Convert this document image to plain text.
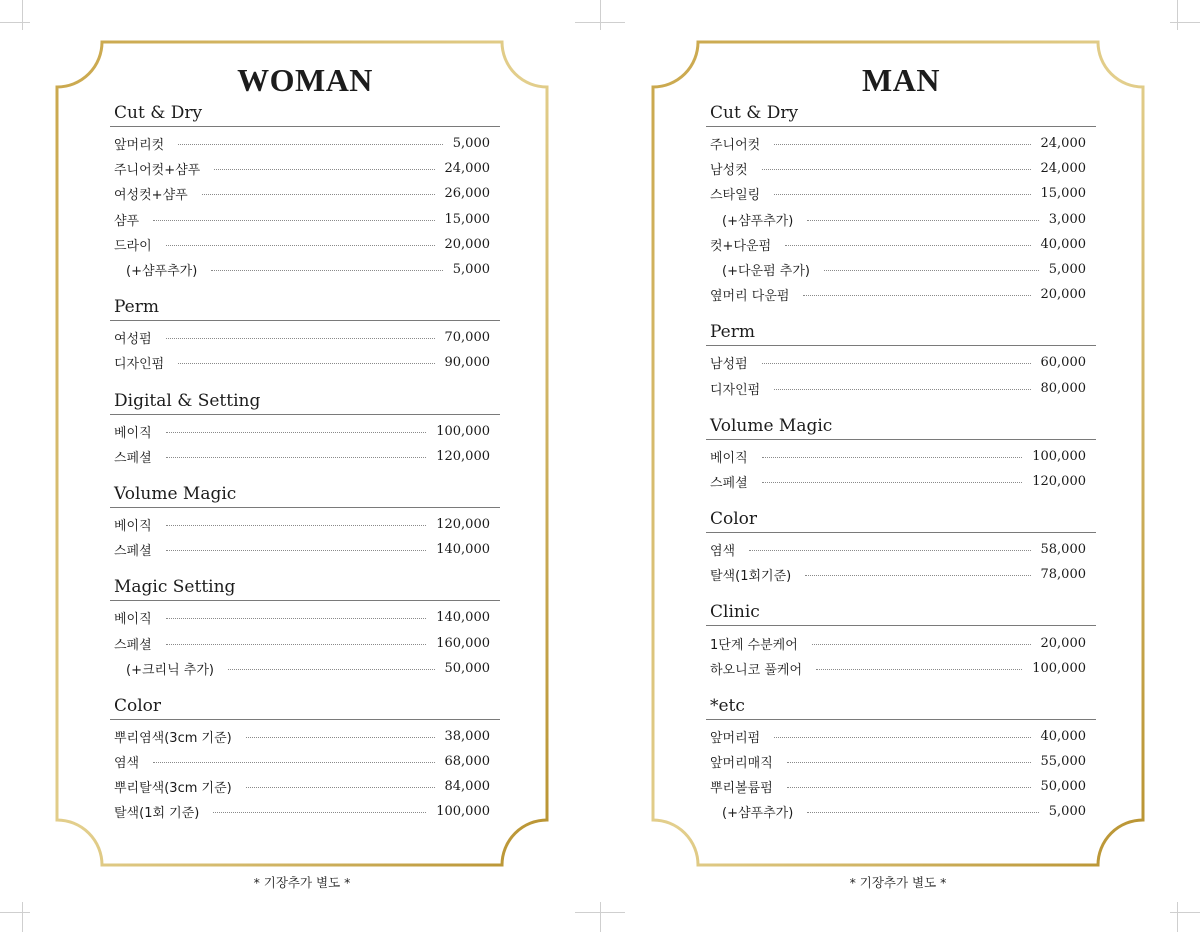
WOMAN
Cut & Dry
앞머리컷	5,000
주니어컷+샴푸	24,000
여성컷+샴푸	26,000
샴푸	15,000
드라이	20,000
(+샴푸추가)	5,000
Perm
여성펌	70,000
디자인펌	90,000
Digital & Setting
베이직	100,000
스페셜	120,000
Volume Magic
베이직	120,000
스페셜	140,000
Magic Setting
베이직	140,000
스페셜	160,000
(+크리닉 추가)	50,000
Color
뿌리염색(3cm 기준)	38,000
염색	68,000
뿌리탈색(3cm 기준)	84,000
탈색(1회 기준)	100,000
MAN
Cut & Dry
주니어컷	24,000
남성컷	24,000
스타일링	15,000
(+샴푸추가)	3,000
컷+다운펌	40,000
(+다운펌 추가)	5,000
옆머리 다운펌	20,000
Perm
남성펌	60,000
디자인펌	80,000
Volume Magic
베이직	100,000
스페셜	120,000
Color
염색	58,000
탈색(1회기준)	78,000
Clinic
1단계 수분케어	20,000
하오니코 풀케어	100,000
*etc
앞머리펌	40,000
앞머리매직	55,000
뿌리볼륨펌	50,000
(+샴푸추가)	5,000
* 기장추가 별도 *	* 기장추가 별도 *
